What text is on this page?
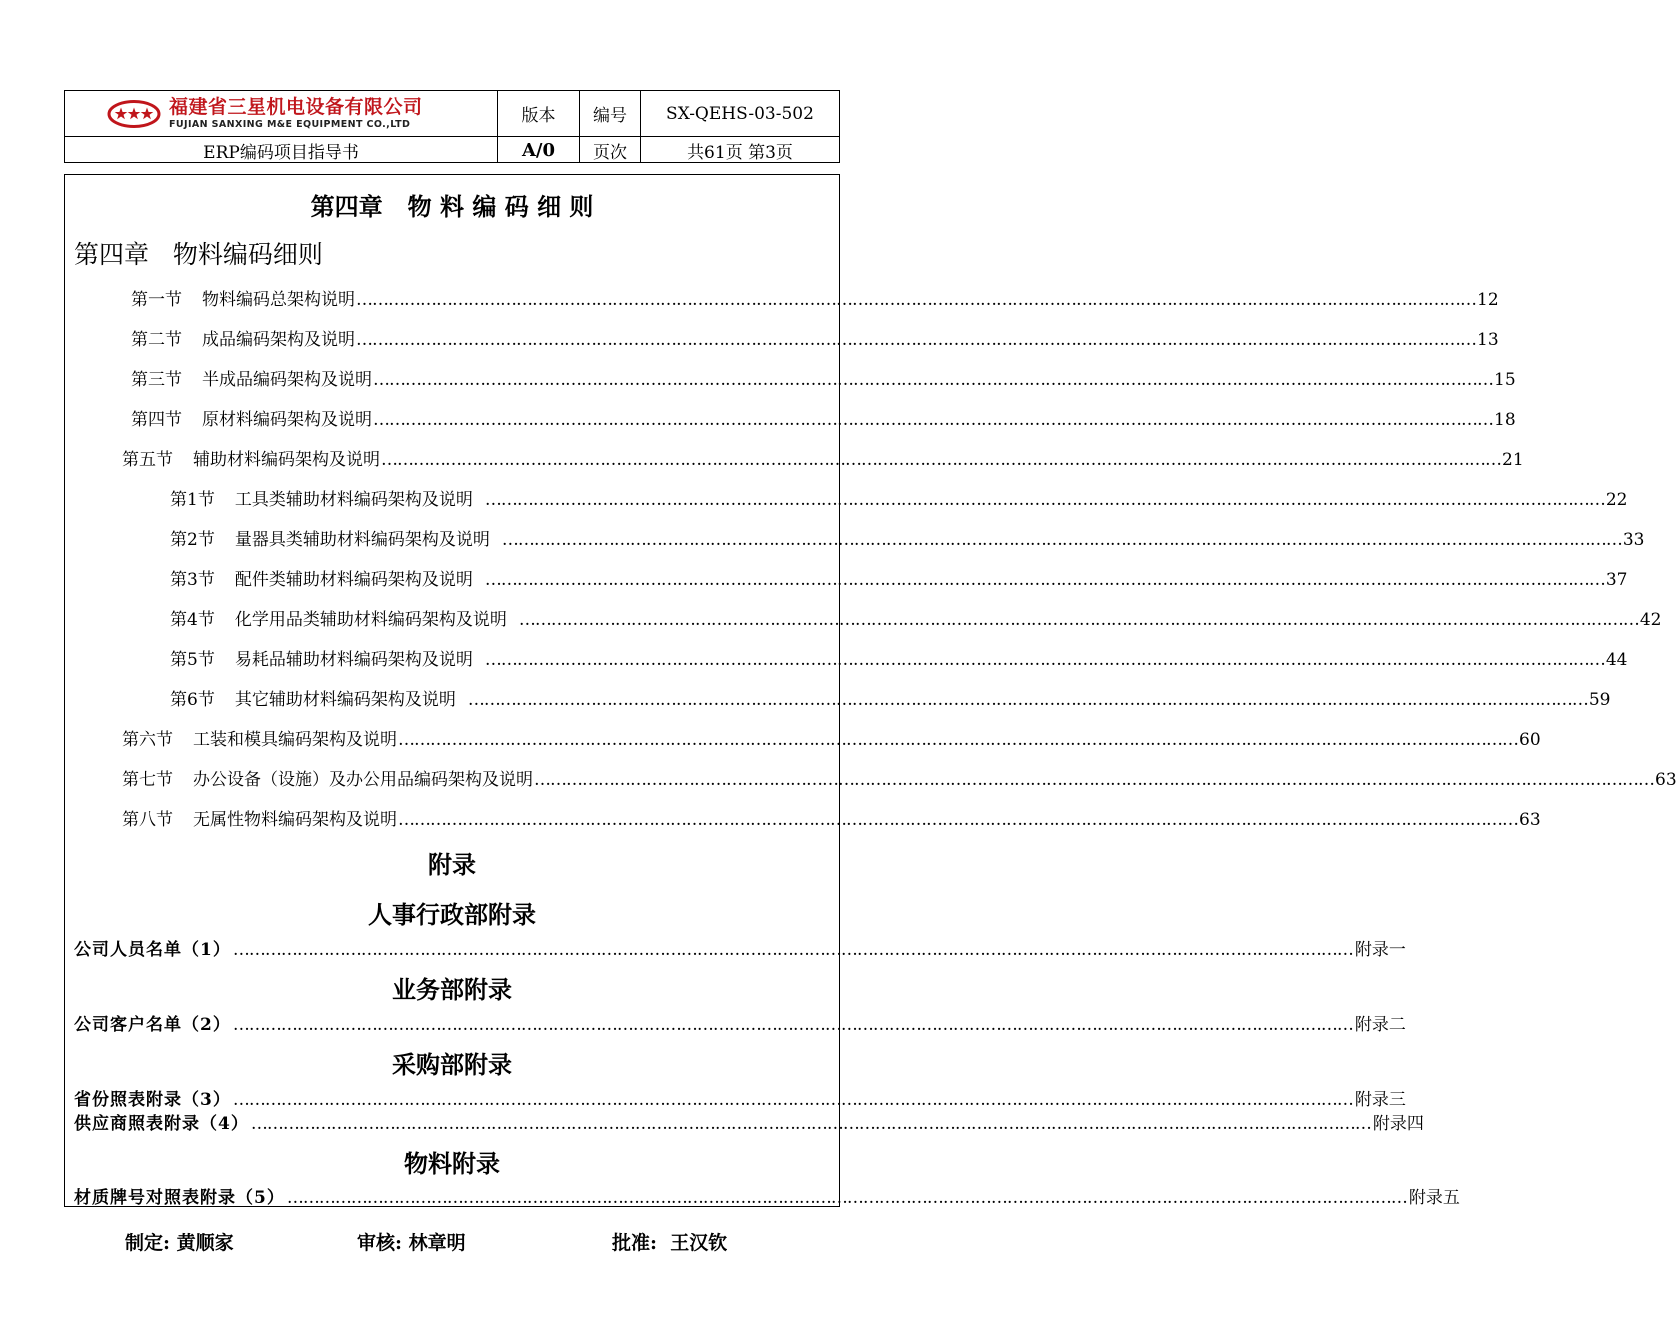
福建省三星机电设备有限公司
FUJIAN SANXING M&E EQUIPMENT CO.,LTD	版本	编号	SX-QEHS-03-502
ERP编码项目指导书	A/0	页次	共61页 第3页
第四章   物 料 编 码 细 则
第四章   物料编码细则
第一节 物料编码总架构说明 ………………………………………………………………………………………………………………………………………………………………………………………… 12
第二节 成品编码架构及说明 ………………………………………………………………………………………………………………………………………………………………………………………… 13
第三节 半成品编码架构及说明 ………………………………………………………………………………………………………………………………………………………………………………………… 15
第四节 原材料编码架构及说明 ………………………………………………………………………………………………………………………………………………………………………………………… 18
第五节 辅助材料编码架构及说明 ………………………………………………………………………………………………………………………………………………………………………………………… 21
第1节 工具类辅助材料编码架构及说明 ………………………………………………………………………………………………………………………………………………………………………………………… 22
第2节 量器具类辅助材料编码架构及说明 ………………………………………………………………………………………………………………………………………………………………………………………… 33
第3节 配件类辅助材料编码架构及说明 ………………………………………………………………………………………………………………………………………………………………………………………… 37
第4节 化学用品类辅助材料编码架构及说明 ………………………………………………………………………………………………………………………………………………………………………………………… 42
第5节 易耗品辅助材料编码架构及说明 ………………………………………………………………………………………………………………………………………………………………………………………… 44
第6节 其它辅助材料编码架构及说明 ………………………………………………………………………………………………………………………………………………………………………………………… 59
第六节 工装和模具编码架构及说明 ………………………………………………………………………………………………………………………………………………………………………………………… 60
第七节 办公设备（设施）及办公用品编码架构及说明 ………………………………………………………………………………………………………………………………………………………………………………………… 63
第八节 无属性物料编码架构及说明 ………………………………………………………………………………………………………………………………………………………………………………………… 63
附录
人事行政部附录
公司人员名单（1） ………………………………………………………………………………………………………………………………………………………………………………………… 附录一
业务部附录
公司客户名单（2） ………………………………………………………………………………………………………………………………………………………………………………………… 附录二
采购部附录
省份照表附录（3） ………………………………………………………………………………………………………………………………………………………………………………………… 附录三
供应商照表附录（4） ………………………………………………………………………………………………………………………………………………………………………………………… 附录四
物料附录
材质牌号对照表附录（5） ………………………………………………………………………………………………………………………………………………………………………………………… 附录五
制定: 黄顺家	审核: 林章明	批准:  王汉钦
